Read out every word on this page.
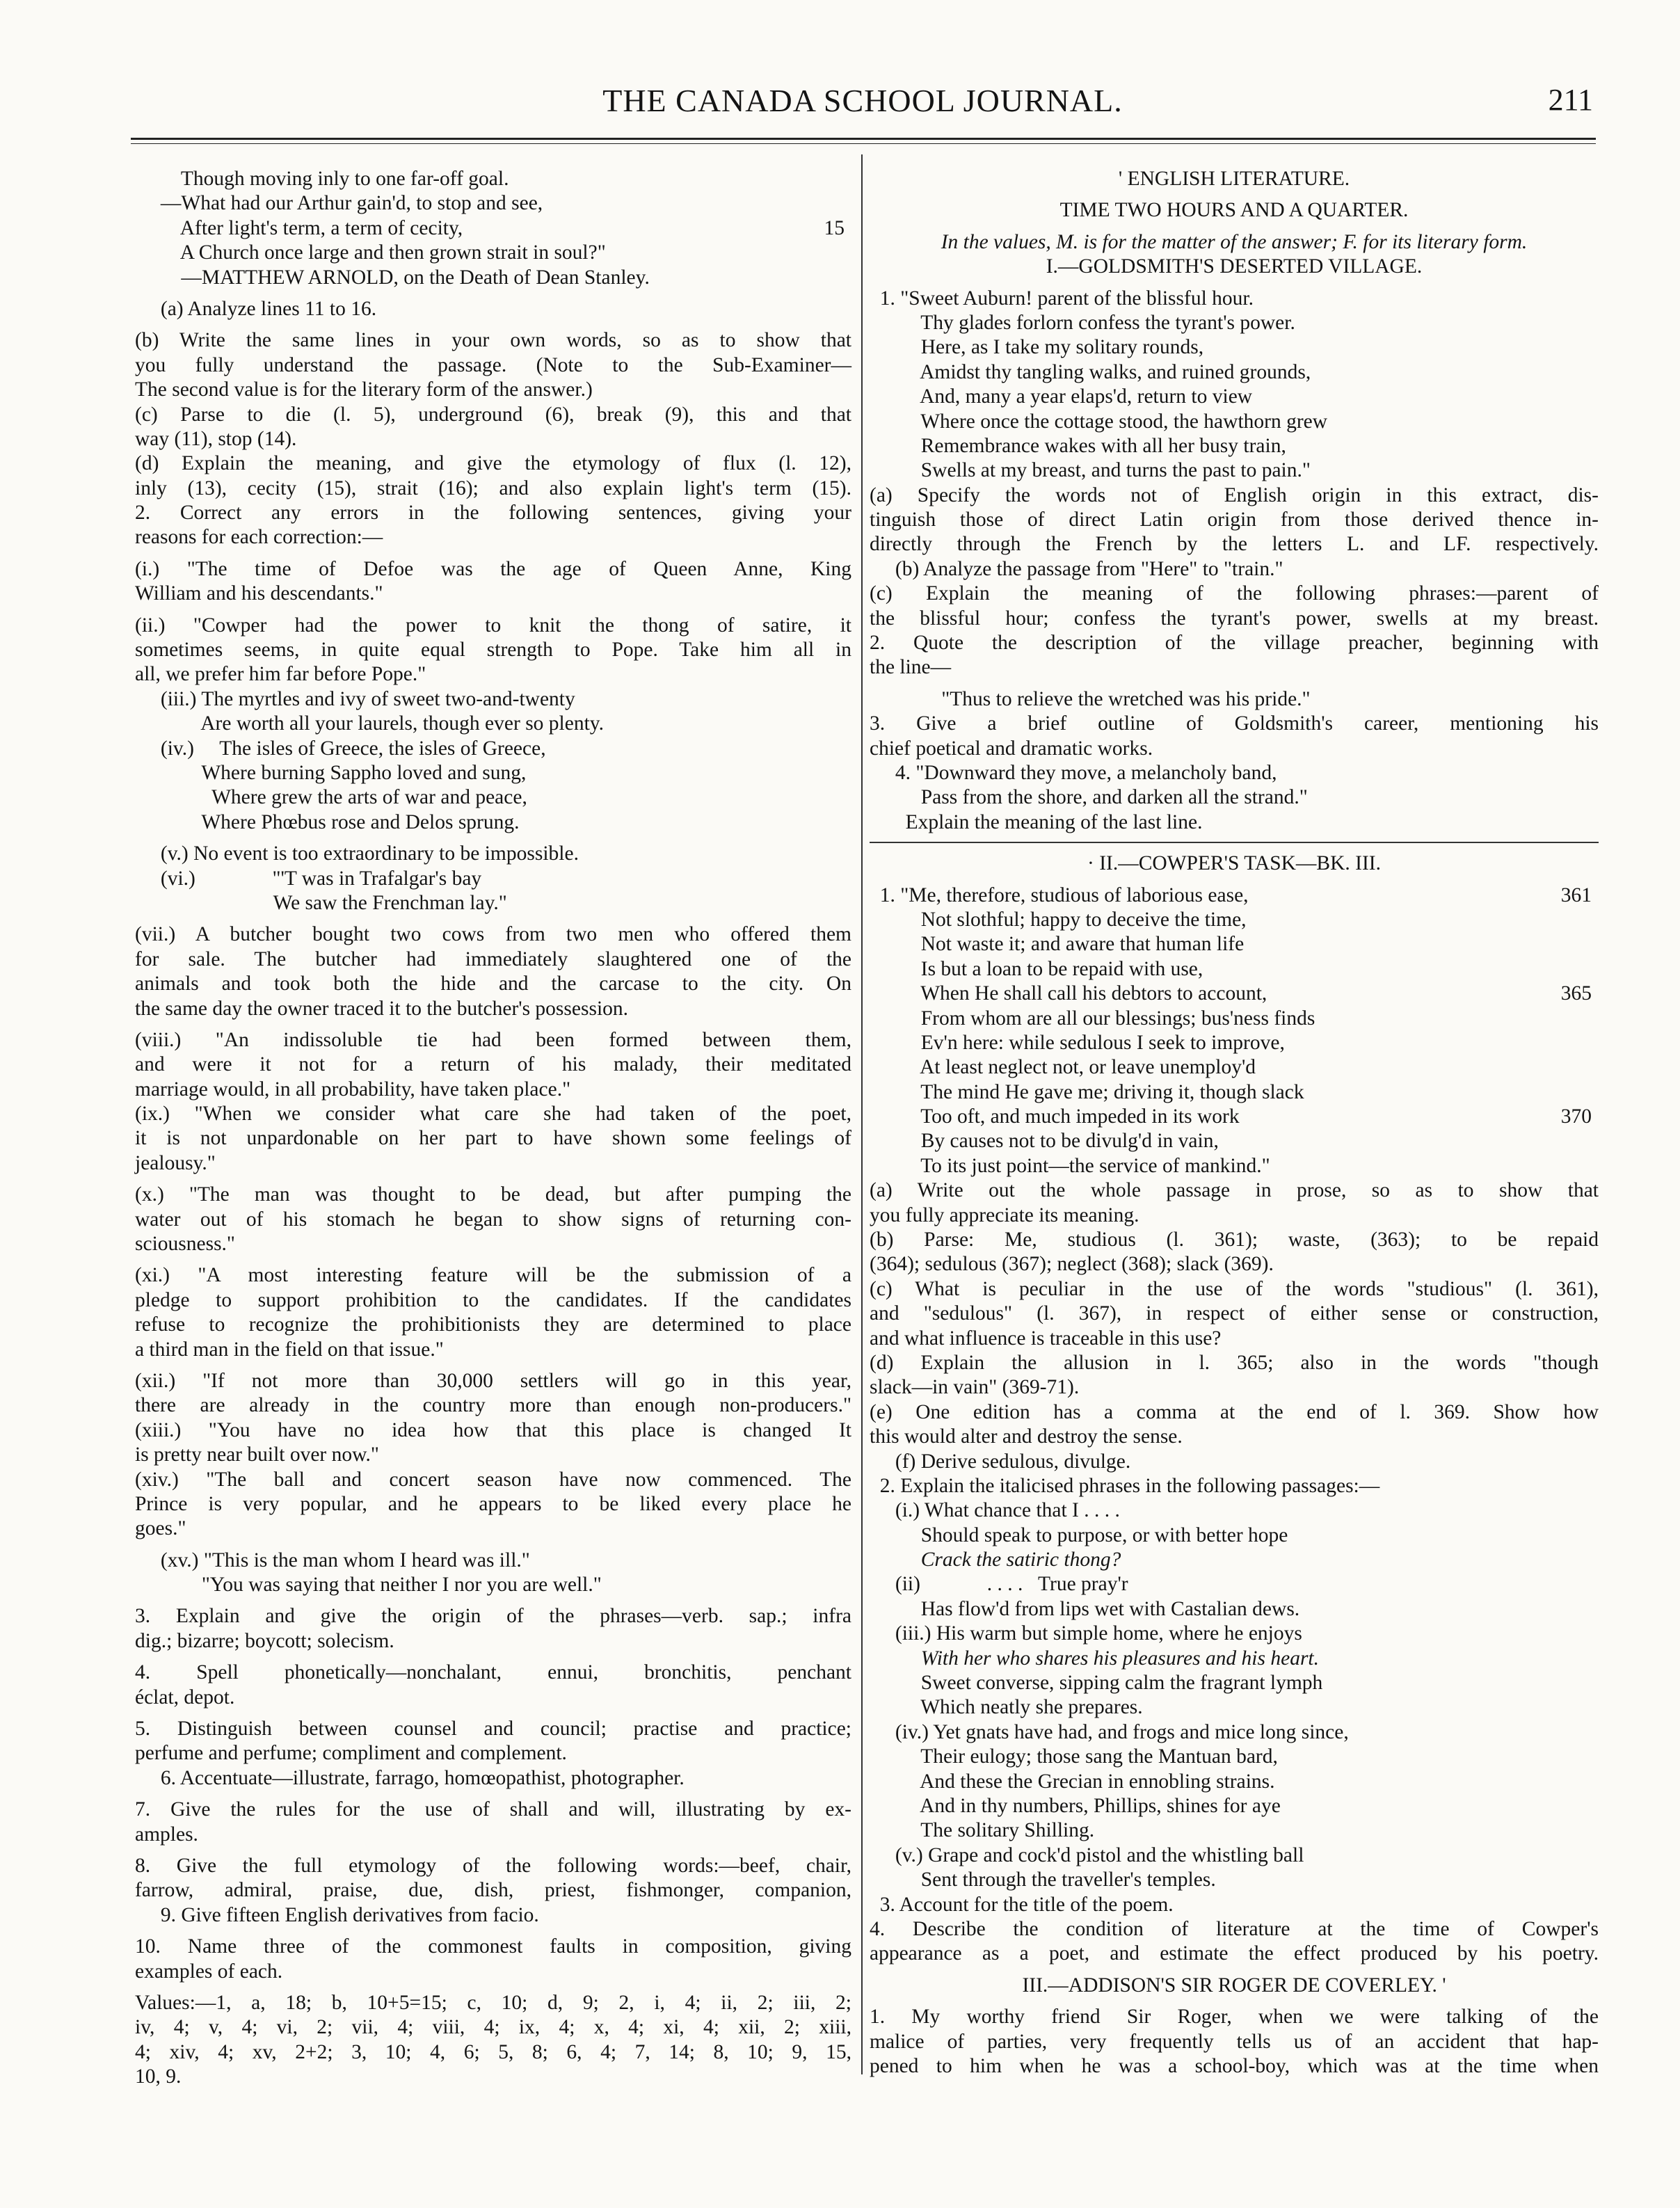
THE CANADA SCHOOL JOURNAL.	211
Though moving inly to one far-off goal.
—What had our Arthur gain'd, to stop and see,
After light's term, a term of cecity,	15
A Church once large and then grown strait in soul?"
—MATTHEW ARNOLD, on the Death of Dean Stanley.
(a) Analyze lines 11 to 16.
(b) Write the same lines in your own words, so as to show that
you fully understand the passage. (Note to the Sub-Examiner—
The second value is for the literary form of the answer.)
(c) Parse to die (l. 5), underground (6), break (9), this and that
way (11), stop (14).
(d) Explain the meaning, and give the etymology of flux (l. 12),
inly (13), cecity (15), strait (16); and also explain light's term (15).
2. Correct any errors in the following sentences, giving your
reasons for each correction:—
(i.) "The time of Defoe was the age of Queen Anne, King
William and his descendants."
(ii.) "Cowper had the power to knit the thong of satire, it
sometimes seems, in quite equal strength to Pope. Take him all in
all, we prefer him far before Pope."
(iii.) The myrtles and ivy of sweet two-and-twenty
Are worth all your laurels, though ever so plenty.
(iv.)     The isles of Greece, the isles of Greece,
Where burning Sappho loved and sung,
Where grew the arts of war and peace,
Where Phœbus rose and Delos sprung.
(v.) No event is too extraordinary to be impossible.
(vi.)               "'T was in Trafalgar's bay
We saw the Frenchman lay."
(vii.) A butcher bought two cows from two men who offered them
for sale. The butcher had immediately slaughtered one of the
animals and took both the hide and the carcase to the city. On
the same day the owner traced it to the butcher's possession.
(viii.) "An indissoluble tie had been formed between them,
and were it not for a return of his malady, their meditated
marriage would, in all probability, have taken place."
(ix.) "When we consider what care she had taken of the poet,
it is not unpardonable on her part to have shown some feelings of
jealousy."
(x.) "The man was thought to be dead, but after pumping the
water out of his stomach he began to show signs of returning con-
sciousness."
(xi.) "A most interesting feature will be the submission of a
pledge to support prohibition to the candidates. If the candidates
refuse to recognize the prohibitionists they are determined to place
a third man in the field on that issue."
(xii.) "If not more than 30,000 settlers will go in this year,
there are already in the country more than enough non-producers."
(xiii.) "You have no idea how that this place is changed It
is pretty near built over now."
(xiv.) "The ball and concert season have now commenced. The
Prince is very popular, and he appears to be liked every place he
goes."
(xv.) "This is the man whom I heard was ill."
"You was saying that neither I nor you are well."
3. Explain and give the origin of the phrases—verb. sap.; infra
dig.; bizarre; boycott; solecism.
4. Spell phonetically—nonchalant, ennui, bronchitis, penchant
éclat, depot.
5. Distinguish between counsel and council; practise and practice;
perfume and perfume; compliment and complement.
6. Accentuate—illustrate, farrago, homœopathist, photographer.
7. Give the rules for the use of shall and will, illustrating by ex-
amples.
8. Give the full etymology of the following words:—beef, chair,
farrow, admiral, praise, due, dish, priest, fishmonger, companion,
9. Give fifteen English derivatives from facio.
10. Name three of the commonest faults in composition, giving
examples of each.
Values:—1, a, 18; b, 10+5=15; c, 10; d, 9; 2, i, 4; ii, 2; iii, 2;
iv, 4; v, 4; vi, 2; vii, 4; viii, 4; ix, 4; x, 4; xi, 4; xii, 2; xiii,
4; xiv, 4; xv, 2+2; 3, 10; 4, 6; 5, 8; 6, 4; 7, 14; 8, 10; 9, 15,
10, 9.
' ENGLISH LITERATURE.
TIME TWO HOURS AND A QUARTER.
In the values, M. is for the matter of the answer; F. for its literary form.
I.—GOLDSMITH'S DESERTED VILLAGE.
1. "Sweet Auburn! parent of the blissful hour.
Thy glades forlorn confess the tyrant's power.
Here, as I take my solitary rounds,
Amidst thy tangling walks, and ruined grounds,
And, many a year elaps'd, return to view
Where once the cottage stood, the hawthorn grew
Remembrance wakes with all her busy train,
Swells at my breast, and turns the past to pain."
(a) Specify the words not of English origin in this extract, dis-
tinguish those of direct Latin origin from those derived thence in-
directly through the French by the letters L. and LF. respectively.
(b) Analyze the passage from "Here" to "train."
(c) Explain the meaning of the following phrases:—parent of
the blissful hour; confess the tyrant's power, swells at my breast.
2. Quote the description of the village preacher, beginning with
the line—
"Thus to relieve the wretched was his pride."
3. Give a brief outline of Goldsmith's career, mentioning his
chief poetical and dramatic works.
4. "Downward they move, a melancholy band,
Pass from the shore, and darken all the strand."
Explain the meaning of the last line.
· II.—COWPER'S TASK—BK. III.
1. "Me, therefore, studious of laborious ease,	361
Not slothful; happy to deceive the time,
Not waste it; and aware that human life
Is but a loan to be repaid with use,
When He shall call his debtors to account,	365
From whom are all our blessings; bus'ness finds
Ev'n here: while sedulous I seek to improve,
At least neglect not, or leave unemploy'd
The mind He gave me; driving it, though slack
Too oft, and much impeded in its work	370
By causes not to be divulg'd in vain,
To its just point—the service of mankind."
(a) Write out the whole passage in prose, so as to show that
you fully appreciate its meaning.
(b) Parse: Me, studious (l. 361); waste, (363); to be repaid
(364); sedulous (367); neglect (368); slack (369).
(c) What is peculiar in the use of the words "studious" (l. 361),
and "sedulous" (l. 367), in respect of either sense or construction,
and what influence is traceable in this use?
(d) Explain the allusion in l. 365; also in the words "though
slack—in vain" (369-71).
(e) One edition has a comma at the end of l. 369. Show how
this would alter and destroy the sense.
(f) Derive sedulous, divulge.
2. Explain the italicised phrases in the following passages:—
(i.) What chance that I . . . .
Should speak to purpose, or with better hope
Crack the satiric thong?
(ii)             . . . .   True pray'r
Has flow'd from lips wet with Castalian dews.
(iii.) His warm but simple home, where he enjoys
With her who shares his pleasures and his heart.
Sweet converse, sipping calm the fragrant lymph
Which neatly she prepares.
(iv.) Yet gnats have had, and frogs and mice long since,
Their eulogy; those sang the Mantuan bard,
And these the Grecian in ennobling strains.
And in thy numbers, Phillips, shines for aye
The solitary Shilling.
(v.) Grape and cock'd pistol and the whistling ball
Sent through the traveller's temples.
3. Account for the title of the poem.
4. Describe the condition of literature at the time of Cowper's
appearance as a poet, and estimate the effect produced by his poetry.
III.—ADDISON'S SIR ROGER DE COVERLEY. '
1. My worthy friend Sir Roger, when we were talking of the
malice of parties, very frequently tells us of an accident that hap-
pened to him when he was a school-boy, which was at the time when
